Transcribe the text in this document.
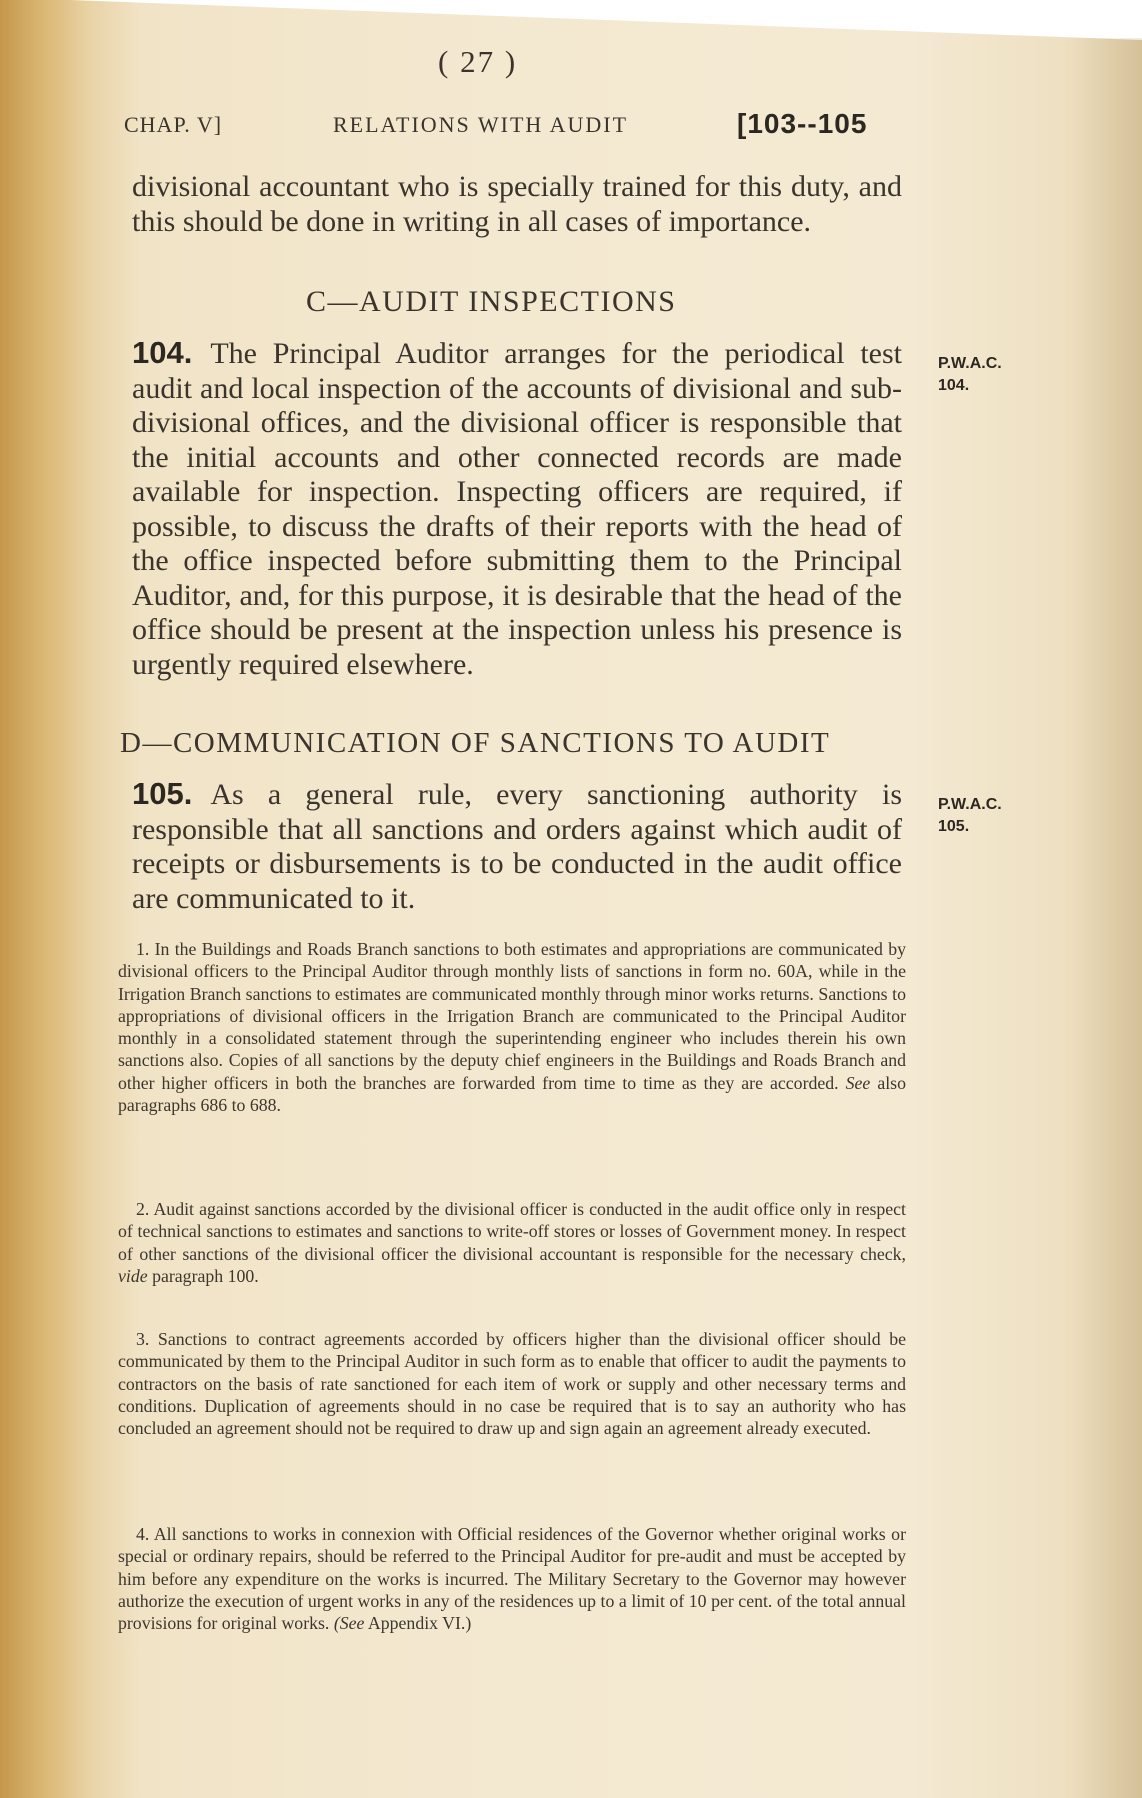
( 27 )
CHAP. V]	RELATIONS WITH AUDIT	[103--105
divisional accountant who is specially trained for this duty, and this should be done in writing in all cases of importance.
C—AUDIT INSPECTIONS
104. The Principal Auditor arranges for the periodical test audit and local inspection of the accounts of divisional and sub-divisional offices, and the divisional officer is responsible that the initial accounts and other connected records are made available for inspection. Inspecting officers are required, if possible, to discuss the drafts of their reports with the head of the office inspected before submitting them to the Principal Auditor, and, for this purpose, it is desirable that the head of the office should be present at the inspection unless his presence is urgently required elsewhere.
P.W.A.C.
104.
D—COMMUNICATION OF SANCTIONS TO AUDIT
105. As a general rule, every sanctioning authority is responsible that all sanctions and orders against which audit of receipts or disbursements is to be conducted in the audit office are communicated to it.
P.W.A.C.
105.
1. In the Buildings and Roads Branch sanctions to both estimates and appropriations are communicated by divisional officers to the Principal Auditor through monthly lists of sanctions in form no. 60A, while in the Irrigation Branch sanctions to estimates are communicated monthly through minor works returns. Sanctions to appropriations of divisional officers in the Irrigation Branch are communicated to the Principal Auditor monthly in a consolidated statement through the superintending engineer who includes therein his own sanctions also. Copies of all sanctions by the deputy chief engineers in the Buildings and Roads Branch and other higher officers in both the branches are forwarded from time to time as they are accorded. See also paragraphs 686 to 688.
2. Audit against sanctions accorded by the divisional officer is conducted in the audit office only in respect of technical sanctions to estimates and sanctions to write-off stores or losses of Government money. In respect of other sanctions of the divisional officer the divisional accountant is responsible for the necessary check, vide paragraph 100.
3. Sanctions to contract agreements accorded by officers higher than the divisional officer should be communicated by them to the Principal Auditor in such form as to enable that officer to audit the payments to contractors on the basis of rate sanctioned for each item of work or supply and other necessary terms and conditions. Duplication of agreements should in no case be required that is to say an authority who has concluded an agreement should not be required to draw up and sign again an agreement already executed.
4. All sanctions to works in connexion with Official residences of the Governor whether original works or special or ordinary repairs, should be referred to the Principal Auditor for pre-audit and must be accepted by him before any expenditure on the works is incurred. The Military Secretary to the Governor may however authorize the execution of urgent works in any of the residences up to a limit of 10 per cent. of the total annual provisions for original works. (See Appendix VI.)
